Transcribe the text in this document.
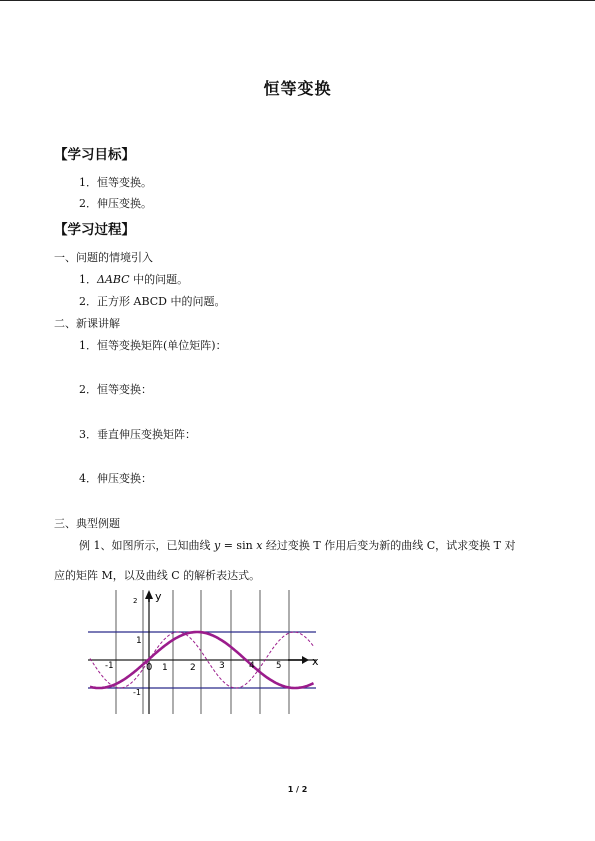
恒等变换
【学习目标】
1．恒等变换。
2．伸压变换。
【学习过程】
一、问题的情境引入
1．ΔABC 中的问题。
2．正方形 ABCD 中的问题。
二、新课讲解
1．恒等变换矩阵(单位矩阵)：
2．恒等变换：
3．垂直伸压变换矩阵：
4．伸压变换：
三、典型例题
例 1、如图所示，已知曲线 y = sin x 经过变换 T 作用后变为新的曲线 C，试求变换 T 对
应的矩阵 M，以及曲线 C 的解析表达式。
x
y
-1	0 1 2	3	4	5
2
1
-1
1 / 2
